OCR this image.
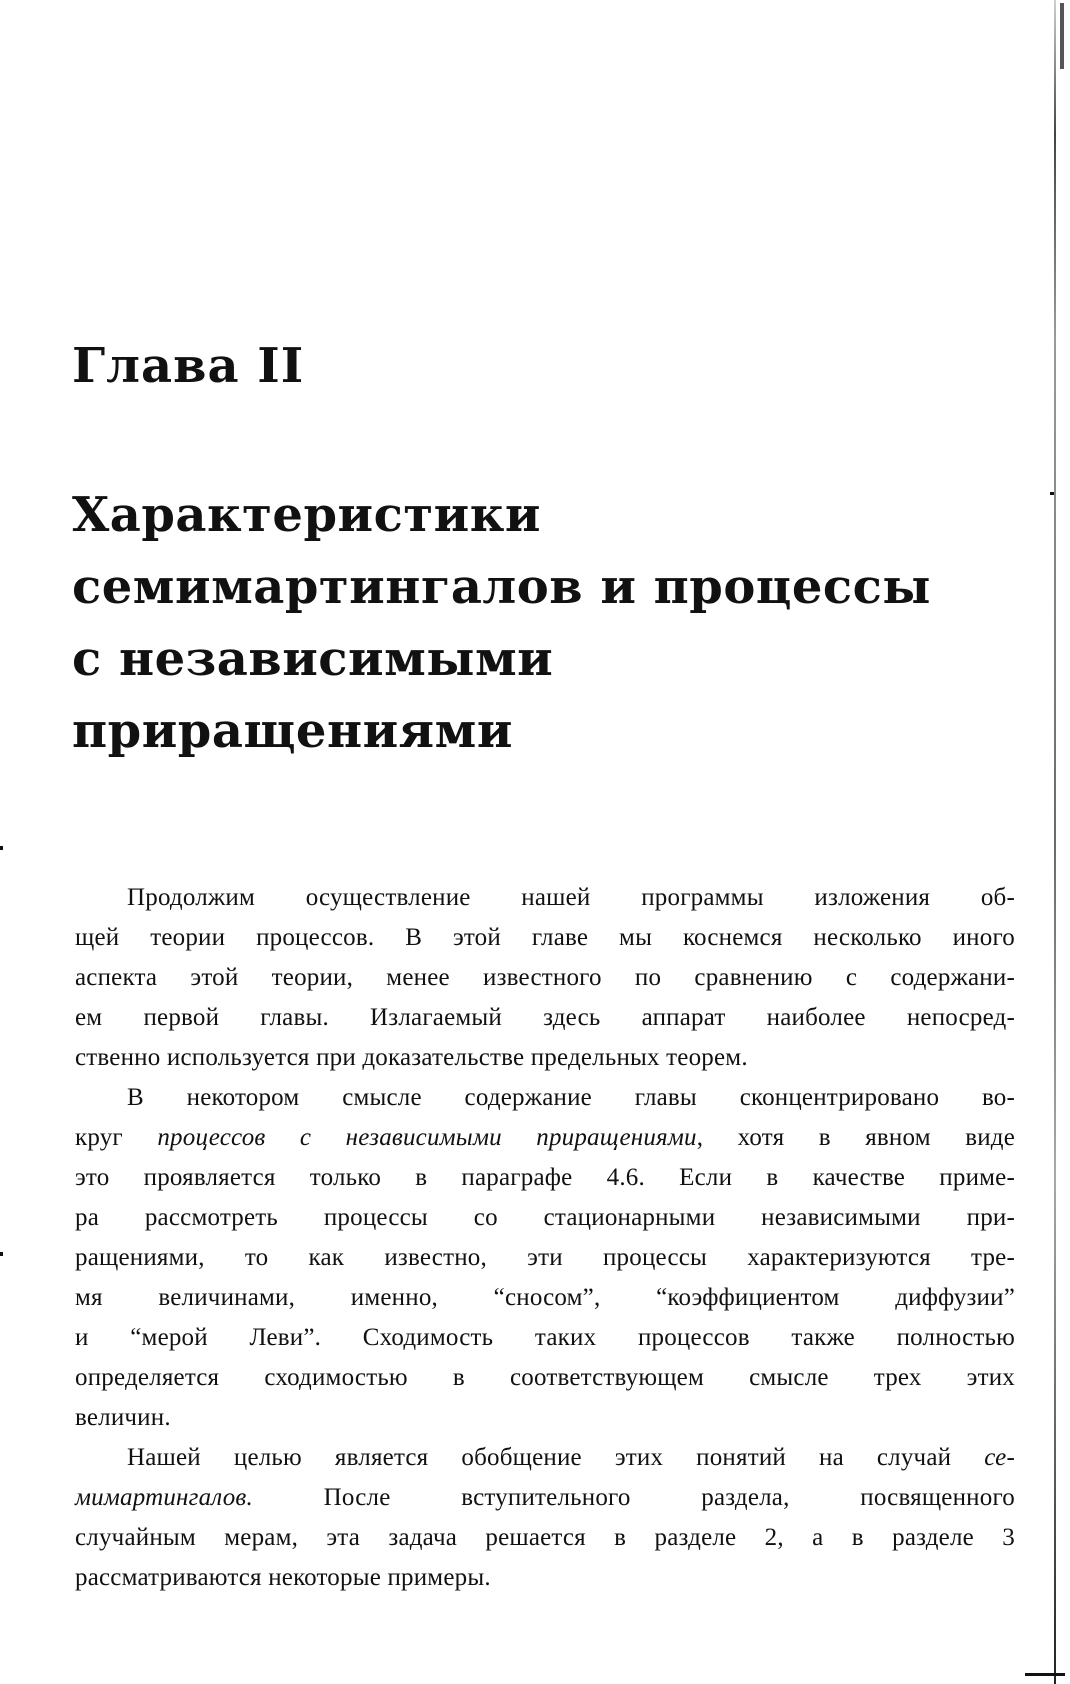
Глава II
Характеристики
семимартингалов и процессы
с независимыми
приращениями
Продолжим осуществление нашей программы изложения об-
щей теории процессов. В этой главе мы коснемся несколько иного
аспекта этой теории, менее известного по сравнению с содержани-
ем первой главы. Излагаемый здесь аппарат наиболее непосред-
ственно используется при доказательстве предельных теорем.
В некотором смысле содержание главы сконцентрировано во-
круг процессов с независимыми приращениями, хотя в явном виде
это проявляется только в параграфе 4.6. Если в качестве приме-
ра рассмотреть процессы со стационарными независимыми при-
ращениями, то как известно, эти процессы характеризуются тре-
мя величинами, именно, “сносом”, “коэффициентом диффузии”
и “мерой Леви”. Сходимость таких процессов также полностью
определяется сходимостью в соответствующем смысле трех этих
величин.
Нашей целью является обобщение этих понятий на случай се-
мимартингалов. После вступительного раздела, посвященного
случайным мерам, эта задача решается в разделе 2, а в разделе 3
рассматриваются некоторые примеры.
